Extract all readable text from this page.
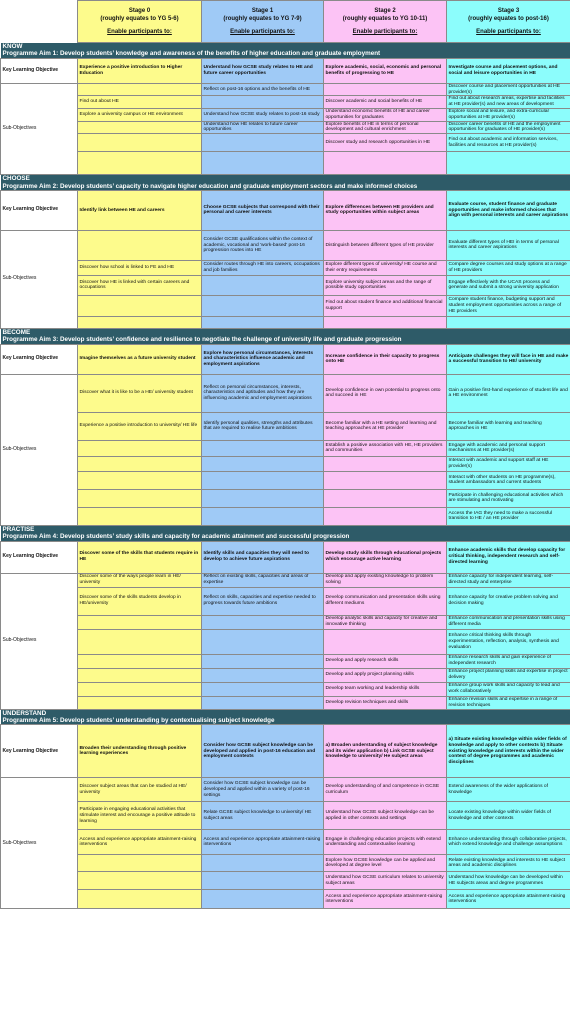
	Stage 0
(roughly equates to YG 5-6)
Enable participants to:	Stage 1
(roughly equates to YG 7-9)
Enable participants to:	Stage 2
(roughly equates to YG 10-11)
Enable participants to:	Stage 3
(roughly equates to post-16)
Enable participants to:

KNOW
Programme Aim 1: Develop students’ knowledge and awareness of the benefits of higher education and graduate employment				

Key Learning Objective	Experience a positive introduction to Higher Education	Understand how GCSE study relates to HE and future career opportunities	Explore academic, social, economic and personal benefits of progressing to HE	Investigate course and placement options, and social and leisure opportunities in HE
Sub-Objectives		Reflect on post-16 options and the benefits of HE		Discover course and placement opportunities at HE provider(s)
	Find out about HE		Discover academic and social benefits of HE	Find out about research areas, expertise and facilities at HE provider(s) and new areas of development
	Explore a university campus or HE environment	Understand how GCSE study relates to post-16 study	Understand economic benefits of HE and career opportunities for graduates	Explore social and leisure, and extra-curricular opportunities at HE provider(s)
		Understand how HE relates to future career opportunities	Explore benefits of HE in terms of personal development and cultural enrichment	Discover career benefits of HE and the employment opportunities for graduates of HE provider(s)
			Discover study and research opportunities in HE	Find out about academic and information services, facilities and resources at HE provider(s)

CHOOSE
Programme Aim 2: Develop students’ capacity to navigate higher education and graduate employment sectors and make informed choices				

Key Learning Objective	Identify link between HE and careers	Choose GCSE subjects that correspond with their personal and career interests	Explore differences between HE providers and study opportunities within subject areas	Evaluate course, student finance and graduate opportunities and make informed choices that align with personal interests and career aspirations
Sub-Objectives		Consider GCSE qualifications within the context of academic, vocational and 'work-based' post-16 progression routes into HE	Distinguish between different types of HE provider	Evaluate different types of HEI in terms of personal interests and career aspirations
	Discover how school is linked to FE and HE	Consider routes through HE into careers, occupations and job families	Explore different types of university/ HE course and their entry requirements	Compare degree courses and study options at a range of HE providers
	Discover how HE is linked with certain careers and occupations		Explore university subject areas and the range of possible study opportunities	Engage effectively with the UCAS process and generate and submit a strong university application
			Find out about student finance and additional financial support	Compare student finance, budgeting support and student employment opportunities across a range of HE providers

BECOME
Programme Aim 3: Develop students’ confidence and resilience to negotiate the challenge of university life and graduate progression				

Key Learning Objective	Imagine themselves as a future university student	Explore how personal circumstances, interests and characteristics influence academic and employment aspirations	Increase confidence in their capacity to progress onto HE	Anticipate challenges they will face in HE and make a successful transition to HE/ university
Sub-Objectives	Discover what it is like to be a HE/ university student	Reflect on personal circumstances, interests, characteristics and aptitudes and how they are influencing academic and employment aspirations	Develop confidence in own potential to progress onto and succeed in HE	Gain a positive first-hand experience of student life and a HE environment
	Experience a positive introduction to university/ HE life	Identify personal qualities, strengths and attributes that are required to realise future ambitions	Become familiar with a HE setting and learning and teaching approaches at HE provider	Become familiar with learning and teaching approaches in HE
			Establish a positive association with HE, HE providers and communities	Engage with academic and personal support mechanisms at HE provider(s)
				Interact with academic and support staff at HE provider(s)
				Interact with other students on HE programme(s), student ambassadors and current students
				Participate in challenging educational activities which are stimulating and motivating
				Access the IAG they need to make a successful transition to HE / an HE provider

PRACTISE
Programme Aim 4: Develop students’ study skills and capacity for academic attainment and successful progression				

Key Learning Objective	Discover some of the skills that students require in HE	Identify skills and capacities they will need to develop to achieve future aspirations	Develop study skills through educational projects which encourage active learning	Enhance academic skills that develop capacity for critical thinking, independent research and self-directed learning
Sub-Objectives	Discover some of the ways people learn in HE/ university	Reflect on existing skills, capacities and areas of expertise	Develop and apply existing knowledge to problem solving	Enhance capacity for independent learning, self-directed study and enterprise
	Discover some of the skills students develop in HE/university	Reflect on skills, capacities and expertise needed to progress towards future ambitions	Develop communication and presentation skills using different mediums	Enhance capacity for creative problem solving and decision making
			Develop analytic skills and capacity for creative and innovative thinking	Enhance communication and presentation skills using different media
				Enhance critical thinking skills through experimentation, reflection, analysis, synthesis and evaluation
			Develop and apply research skills	Enhance research skills and gain experience of independent research
			Develop and apply project planning skills	Enhance project planning skills and expertise in project delivery
			Develop team working and leadership skills	Enhance group work skills and capacity to lead and work collaboratively
			Develop revision techniques and skills	Enhance revision skills and expertise in a range of revision techniques

UNDERSTAND
Programme Aim 5: Develop students’ understanding by contextualising subject knowledge				

Key Learning Objective	Broaden their understanding through positive learning experiences	Consider how GCSE subject knowledge can be developed and applied in post-16 education and employment contexts	a) Broaden understanding of subject knowledge and its wider application b) Link GCSE subject knowledge to university/ He subject areas	a) Situate existing knowledge within wider fields of knowledge and apply to other contexts b) Situate existing knowledge and interests within the wider context of degree programmes and academic disciplines
Sub-Objectives	Discover subject areas that can be studied at HE/ university	Consider how GCSE subject knowledge can be developed and applied within a variety of post-16 settings	Develop understanding of and competence in GCSE curriculum	Extend awareness of the wider applications of knowledge
	Participate in engaging educational activities that stimulate interest and encourage a positive attitude to learning	Relate GCSE subject knowledge to university/ HE subject areas	Understand how GCSE subject knowledge can be applied in other contexts and settings	Locate existing knowledge within wider fields of knowledge and other contexts
	Access and experience appropriate attainment-raising interventions	Access and experience appropriate attainment-raising interventions	Engage in challenging education projects with extend understanding and contextualise learning	Enhance understanding through collaborative projects, which extend knowledge and challenge assumptions
			Explore how GCSE knowledge can be applied and developed at degree level	Relate existing knowledge and interests to HE subject areas and academic disciplines
			Understand how GCSE curriculum relates to university subject areas	Understand how knowledge can be developed within HE subjects areas and degree programmes
			Access and experience appropriate attainment-raising interventions	Access and experience appropriate attainment-raising interventions
